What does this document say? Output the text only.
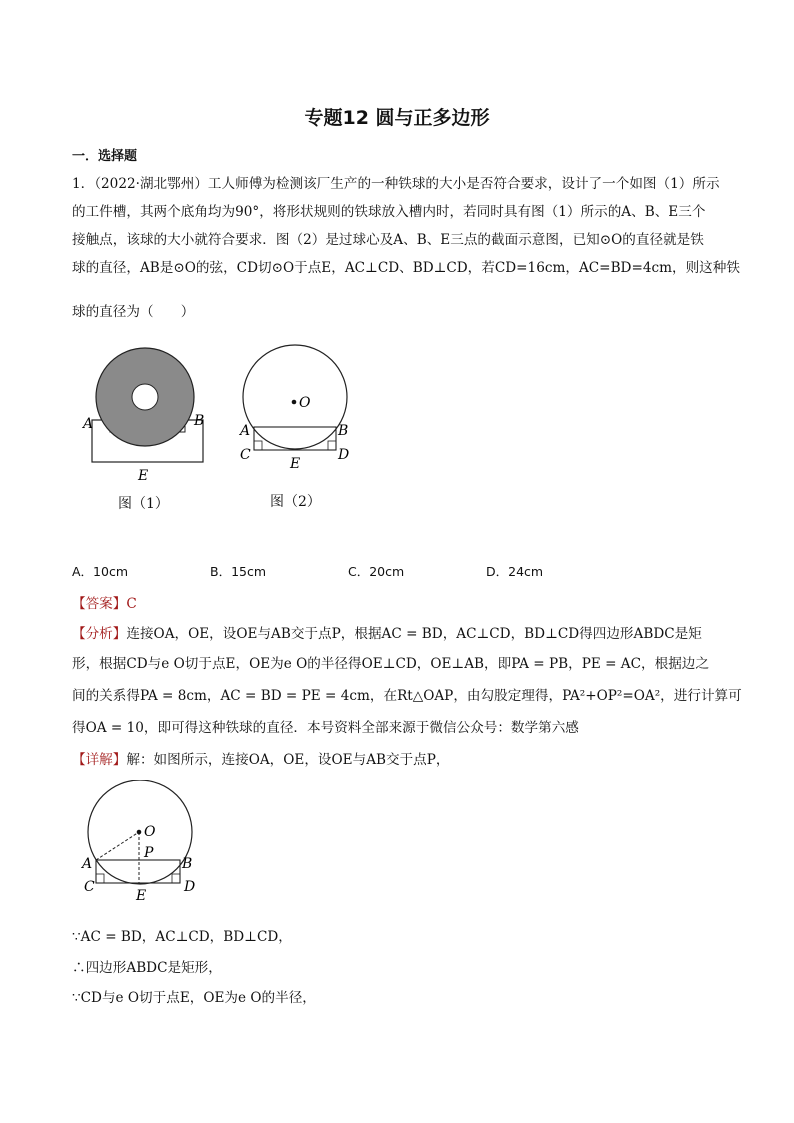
专题12 圆与正多边形
一．选择题
1．（2022·湖北鄂州）工人师傅为检测该厂生产的一种铁球的大小是否符合要求，设计了一个如图（1）所示
的工件槽，其两个底角均为90°，将形状规则的铁球放入槽内时，若同时具有图（1）所示的A、B、E三个
接触点，该球的大小就符合要求．图（2）是过球心及A、B、E三点的截面示意图，已知⊙O的直径就是铁
球的直径，AB是⊙O的弦，CD切⊙O于点E，AC⊥CD、BD⊥CD，若CD=16cm，AC=BD=4cm，则这种铁
球的直径为（　　）
A	B
E
图（1）
O
A	B
C	D
E
图（2）
A．10cm	B．15cm	C．20cm	D．24cm
【答案】C
【分析】连接OA，OE，设OE与AB交于点P，根据AC = BD，AC⊥CD，BD⊥CD得四边形ABDC是矩
形，根据CD与e O切于点E，OE为e O的半径得OE⊥CD，OE⊥AB，即PA = PB，PE = AC，根据边之
间的关系得PA = 8cm，AC = BD = PE = 4cm，在Rt△OAP，由勾股定理得，PA²+OP²=OA²，进行计算可
得OA = 10，即可得这种铁球的直径．本号资料全部来源于微信公众号：数学第六感
【详解】解：如图所示，连接OA，OE，设OE与AB交于点P，
O
P
A	B
C	D
E
∵AC = BD，AC⊥CD，BD⊥CD，
∴四边形ABDC是矩形，
∵CD与e O切于点E，OE为e O的半径，
